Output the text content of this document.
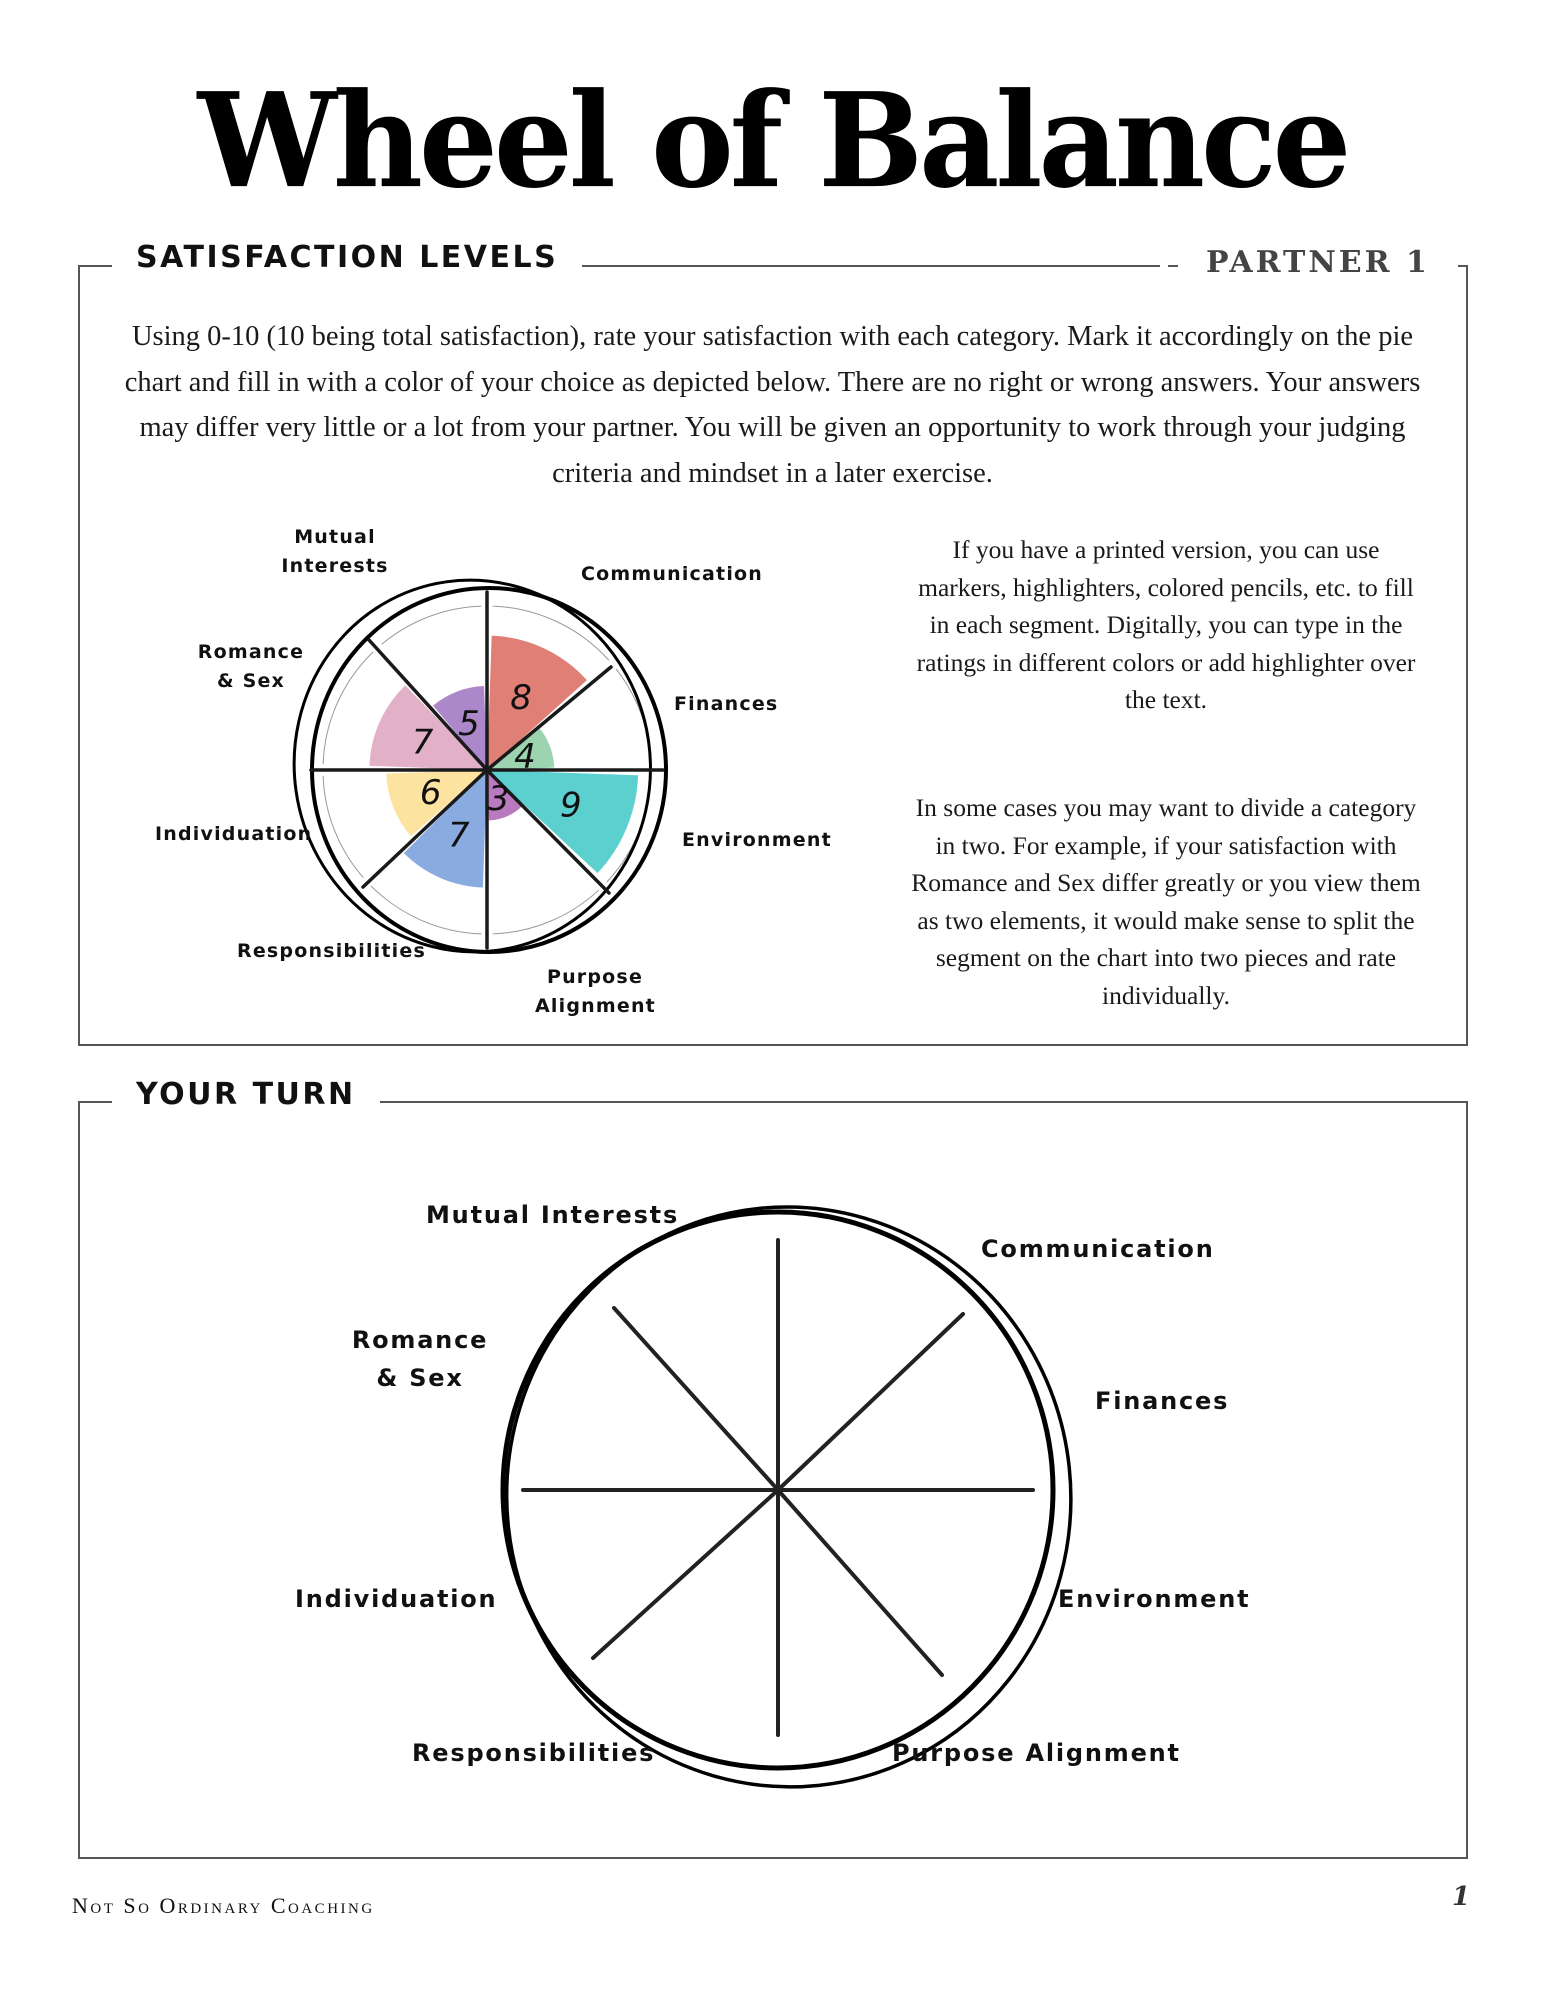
Wheel of Balance
SATISFACTION LEVELS	PARTNER 1
Using 0-10 (10 being total satisfaction), rate your satisfaction with each category. Mark it accordingly on the pie chart and fill in with a color of your choice as depicted below. There are no right or wrong answers. Your answers may differ very little or a lot from your partner. You will be given an opportunity to work through your judging criteria and mindset in a later exercise.
8
4
9
3
7
6
7 5
Mutual
Interests	Communication
Romance
& Sex
Finances
Individuation	Environment
Responsibilities
Purpose
Alignment
If you have a printed version, you can use markers, highlighters, colored pencils, etc. to fill in each segment. Digitally, you can type in the ratings in different colors or add highlighter over the text.
In some cases you may want to divide a category in two. For example, if your satisfaction with Romance and Sex differ greatly or you view them as two elements, it would make sense to split the segment on the chart into two pieces and rate individually.
YOUR TURN
Mutual Interests
Communication
Romance
& Sex
Finances
Individuation	Environment
Responsibilities	Purpose Alignment
Not So Ordinary Coaching	1
